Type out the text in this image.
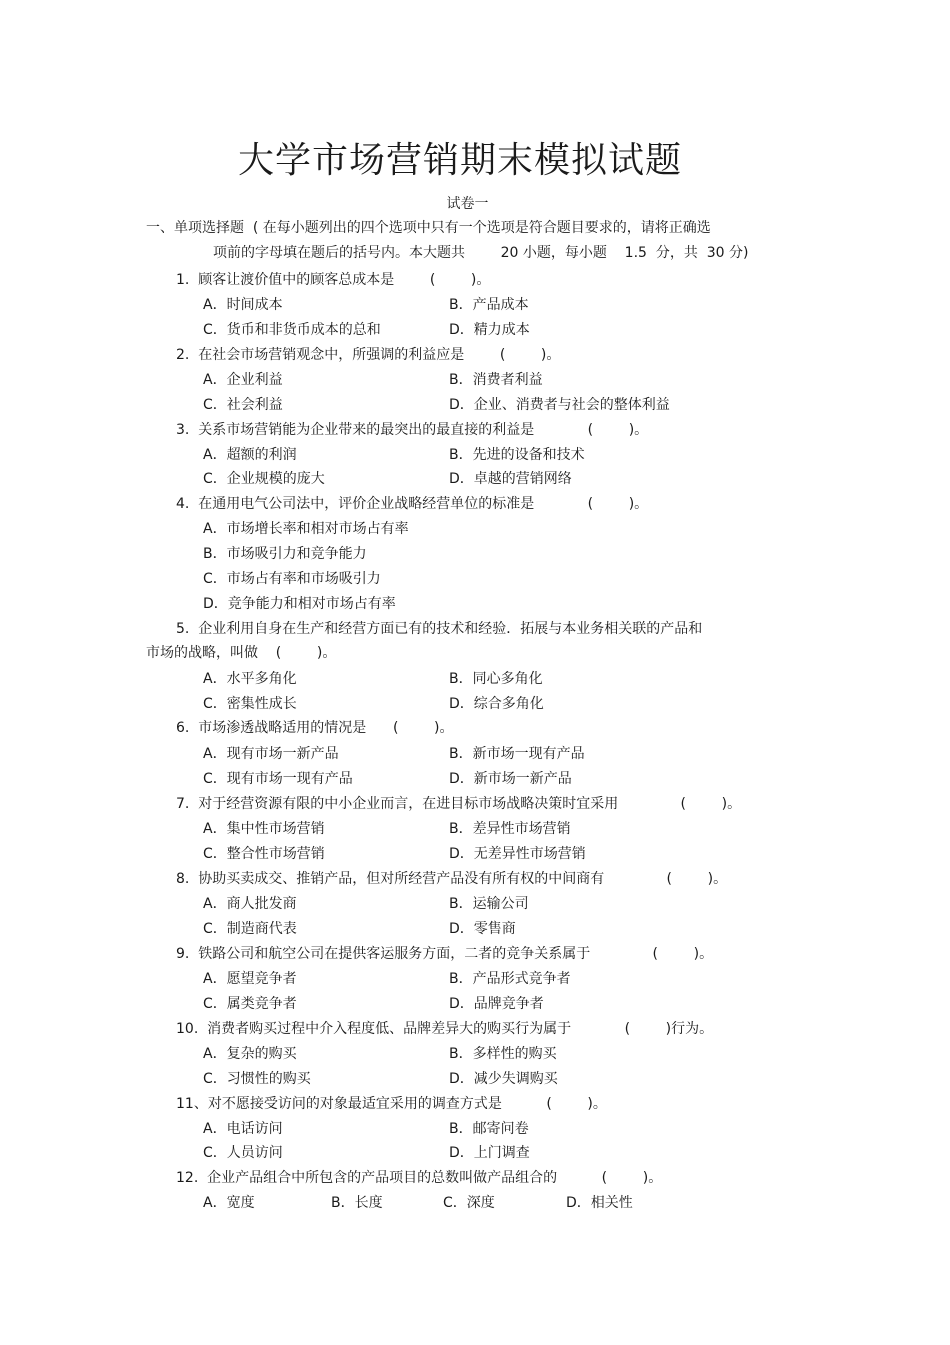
大学市场营销期末模拟试题
试卷一
一、单项选择题  ( 在每小题列出的四个选项中只有一个选项是符合题目要求的，请将正确选
项前的字母填在题后的括号内。本大题共        20 小题，每小题    1.5  分，共  30 分)
1.  顾客让渡价值中的顾客总成本是        (        )。
A．时间成本	B．产品成本
C．货币和非货币成本的总和	D．精力成本
2.  在社会市场营销观念中，所强调的利益应是        (        )。
A．企业利益	B．消费者利益
C．社会利益	D．企业、消费者与社会的整体利益
3.  关系市场营销能为企业带来的最突出的最直接的利益是            (        )。
A．超额的利润	B．先进的设备和技术
C．企业规模的庞大	D．卓越的营销网络
4.  在通用电气公司法中，评价企业战略经营单位的标准是            (        )。
A．市场增长率和相对市场占有率
B．市场吸引力和竞争能力
C．市场占有率和市场吸引力
D．竞争能力和相对市场占有率
5.  企业利用自身在生产和经营方面已有的技术和经验．拓展与本业务相关联的产品和
市场的战略，叫做    (        )。
A．水平多角化	B．同心多角化
C．密集性成长	D．综合多角化
6.  市场渗透战略适用的情况是      (        )。
A．现有市场一新产品	B．新市场一现有产品
C．现有市场一现有产品	D．新市场一新产品
7.  对于经营资源有限的中小企业而言，在进目标市场战略决策时宜采用              (        )。
A．集中性市场营销	B．差异性市场营销
C．整合性市场营销	D．无差异性市场营销
8.  协助买卖成交、推销产品，但对所经营产品没有所有权的中间商有              (        )。
A．商人批发商	B．运输公司
C．制造商代表	D．零售商
9.  铁路公司和航空公司在提供客运服务方面，二者的竞争关系属于              (        )。
A．愿望竞争者	B．产品形式竞争者
C．属类竞争者	D．品牌竞争者
10.  消费者购买过程中介入程度低、品牌差异大的购买行为属于            (        )行为。
A．复杂的购买	B．多样性的购买
C．习惯性的购买	D．减少失调购买
11、对不愿接受访问的对象最适宜采用的调查方式是          (        )。
A．电话访问	B．邮寄问卷
C．人员访问	D．上门调查
12.  企业产品组合中所包含的产品项目的总数叫做产品组合的          (        )。
A．宽度	B．长度	C．深度	D．相关性
